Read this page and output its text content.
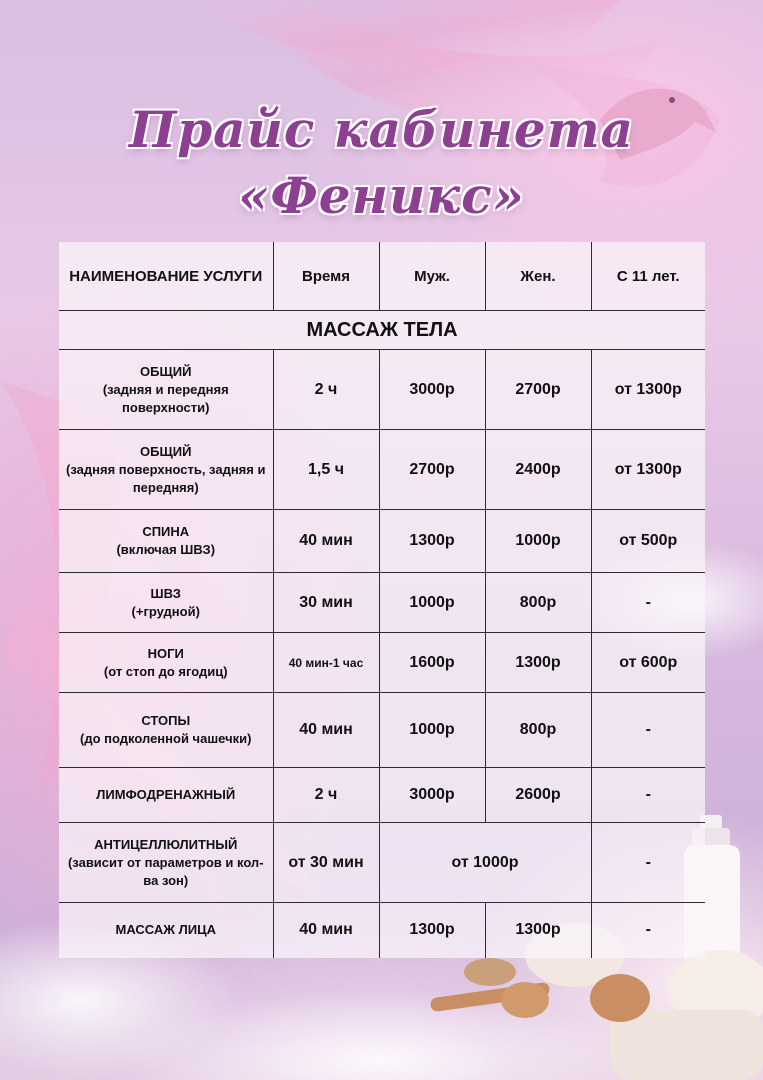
Прайс кабинета
«Феникс»
НАИМЕНОВАНИЕ УСЛУГИ	Время	Муж.	Жен.	С 11 лет.
МАССАЖ ТЕЛА				

ОБЩИЙ
(задняя и передняя поверхности)	2 ч	3000р	2700р	от 1300р

ОБЩИЙ
(задняя поверхность, задняя и передняя)	1,5 ч	2700р	2400р	от 1300р

СПИНА
(включая ШВЗ)	40 мин	1300р	1000р	от 500р

ШВЗ
(+грудной)	30 мин	1000р	800р	-

НОГИ
(от стоп до ягодиц)	40 мин-1 час	1600р	1300р	от 600р

СТОПЫ
(до подколенной чашечки)	40 мин	1000р	800р	-

ЛИМФОДРЕНАЖНЫЙ	2 ч	3000р	2600р	-

АНТИЦЕЛЛЮЛИТНЫЙ
(зависит от параметров и кол-ва зон)	от 30 мин	от 1000р		-

МАССАЖ ЛИЦА	40 мин	1300р	1300р	-
